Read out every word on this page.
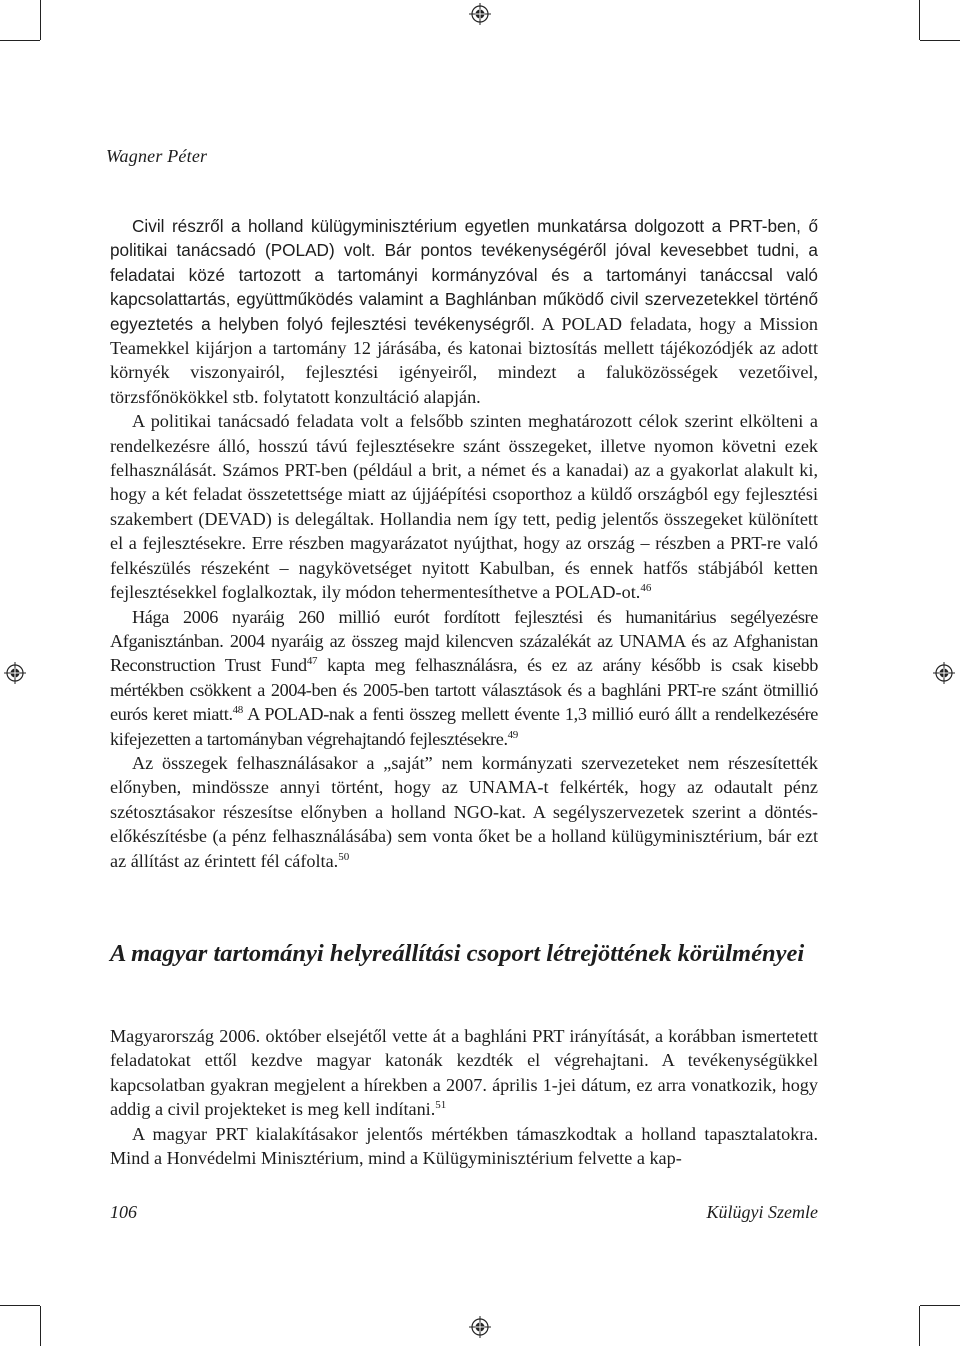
Wagner Péter

Civil részről a holland külügyminisztérium egyetlen munkatársa dolgozott a PRT-ben, ő politikai tanácsadó (POLAD) volt. Bár pontos tevékenységéről jóval kevesebbet tudni, a feladatai közé tartozott a tartományi kormányzóval és a tartományi tanáccsal való kapcsolattartás, együttműködés valamint a Baghlánban működő civil szervezetekkel történő egyeztetés a helyben folyó fejlesztési tevékenységről. A POLAD feladata, hogy a Mission Teamekkel kijárjon a tartomány 12 járásába, és katonai biztosítás mellett tájékozódjék az adott környék viszonyairól, fejlesztési igényeiről, mindezt a faluközösségek vezetőivel, törzsfőnökökkel stb. folytatott konzultáció alapján.

A politikai tanácsadó feladata volt a felsőbb szinten meghatározott célok szerint elkölteni a rendelkezésre álló, hosszú távú fejlesztésekre szánt összegeket, illetve nyomon követni ezek felhasználását. Számos PRT-ben (például a brit, a német és a kanadai) az a gyakorlat alakult ki, hogy a két feladat összetettsége miatt az újjáépítési csoporthoz a küldő országból egy fejlesztési szakembert (DEVAD) is delegáltak. Hollandia nem így tett, pedig jelentős összegeket különített el a fejlesztésekre. Erre részben magyarázatot nyújthat, hogy az ország – részben a PRT-re való felkészülés részeként – nagykövetséget nyitott Kabulban, és ennek hatfős stábjából ketten fejlesztésekkel foglalkoztak, ily módon tehermentesíthetve a POLAD-ot.$^{46}$

Hága 2006 nyaráig 260 millió eurót fordított fejlesztési és humanitárius segélyezésre Afganisztánban. 2004 nyaráig az összeg majd kilencven százalékát az UNAMA és az Afghanistan Reconstruction Trust Fund$^{47}$ kapta meg felhasználásra, és ez az arány később is csak kisebb mértékben csökkent a 2004-ben és 2005-ben tartott választások és a baghláni PRT-re szánt ötmillió eurós keret miatt.$^{48}$ A POLAD-nak a fenti összeg mellett évente 1,3 millió euró állt a rendelkezésére kifejezetten a tartományban végrehajtandó fejlesztésekre.$^{49}$

Az összegek felhasználásakor a „saját” nem kormányzati szervezeteket nem részesítették előnyben, mindössze annyi történt, hogy az UNAMA-t felkérték, hogy az odautalt pénz szétosztásakor részesítse előnyben a holland NGO-kat. A segélyszervezetek szerint a döntés-előkészítésbe (a pénz felhasználásába) sem vonta őket be a holland külügyminisztérium, bár ezt az állítást az érintett fél cáfolta.$^{50}$

A magyar tartományi helyreállítási csoport létrejöttének körülményei

Magyarország 2006. október elsejétől vette át a baghláni PRT irányítását, a korábban ismertetett feladatokat ettől kezdve magyar katonák kezdték el végrehajtani. A tevékenységükkel kapcsolatban gyakran megjelent a hírekben a 2007. április 1-jei dátum, ez arra vonatkozik, hogy addig a civil projekteket is meg kell indítani.$^{51}$

A magyar PRT kialakításakor jelentős mértékben támaszkodtak a holland tapasztalatokra. Mind a Honvédelmi Minisztérium, mind a Külügyminisztérium felvette a kap-

106	Külügyi Szemle
